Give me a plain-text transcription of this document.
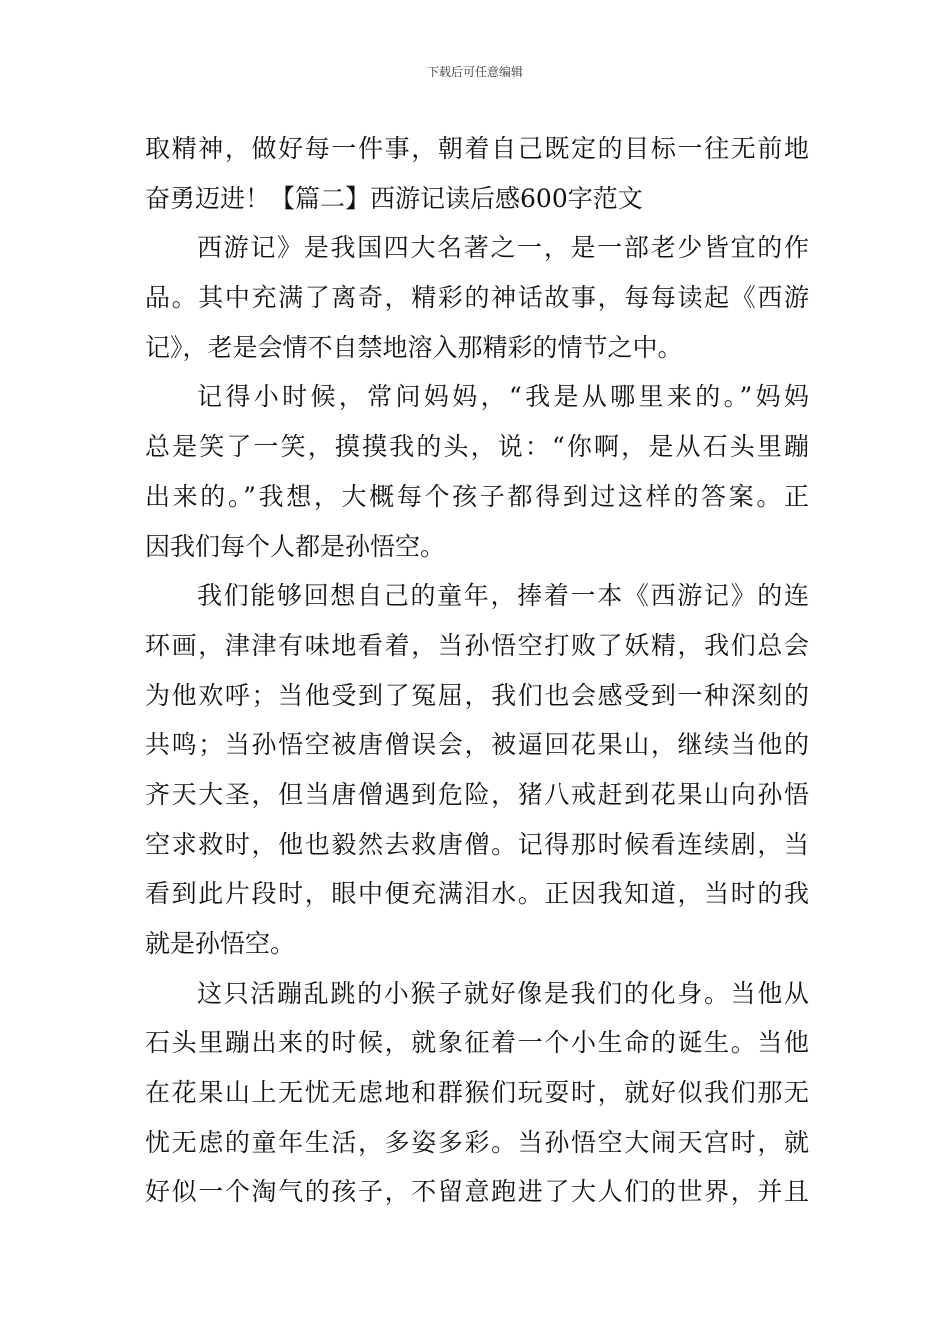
下载后可任意编辑
取精神，做好每一件事，朝着自己既定的目标一往无前地
奋勇迈进！【篇二】西游记读后感600字范文
西游记》是我国四大名著之一，是一部老少皆宜的作
品。其中充满了离奇，精彩的神话故事，每每读起《西游
记》，老是会情不自禁地溶入那精彩的情节之中。
记得小时候，常问妈妈，“我是从哪里来的。”妈妈
总是笑了一笑，摸摸我的头，说：“你啊，是从石头里蹦
出来的。”我想，大概每个孩子都得到过这样的答案。正
因我们每个人都是孙悟空。
我们能够回想自己的童年，捧着一本《西游记》的连
环画，津津有味地看着，当孙悟空打败了妖精，我们总会
为他欢呼；当他受到了冤屈，我们也会感受到一种深刻的
共鸣；当孙悟空被唐僧误会，被逼回花果山，继续当他的
齐天大圣，但当唐僧遇到危险，猪八戒赶到花果山向孙悟
空求救时，他也毅然去救唐僧。记得那时候看连续剧，当
看到此片段时，眼中便充满泪水。正因我知道，当时的我
就是孙悟空。
这只活蹦乱跳的小猴子就好像是我们的化身。当他从
石头里蹦出来的时候，就象征着一个小生命的诞生。当他
在花果山上无忧无虑地和群猴们玩耍时，就好似我们那无
忧无虑的童年生活，多姿多彩。当孙悟空大闹天宫时，就
好似一个淘气的孩子，不留意跑进了大人们的世界，并且
